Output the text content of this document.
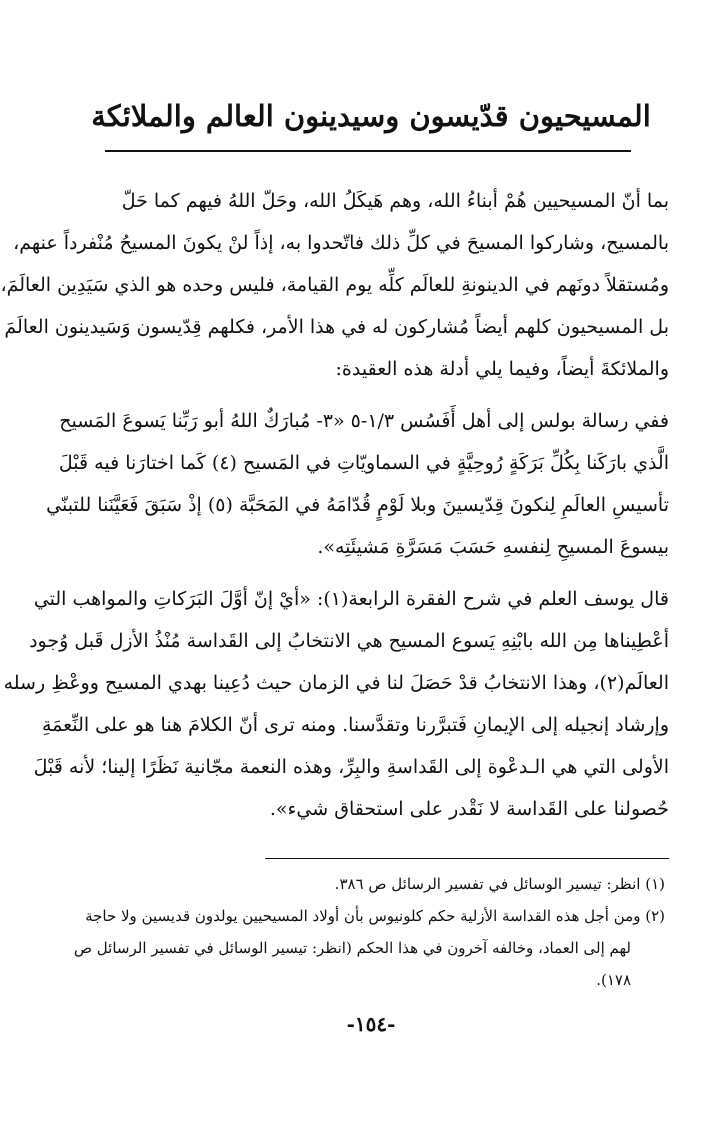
المسيحيون قدّيسون وسيدينون العالم والملائكة
بما أنّ المسيحيين هُمْ أبناءُ الله، وهم هَيكَلُ الله، وحَلّ اللهُ فيهم كما حَلّ
بالمسيح، وشاركوا المسيحَ في كلِّ ذلك فاتّحدوا به، إذاً لنْ يكونَ المسيحُ مُنْفرداً عنهم،
ومُستقلاً دونَهم في الدينونةِ للعالَم كلِّه يوم القيامة، فليس وحده هو الذي سَيَدِين العالَمَ،
بل المسيحيون كلهم أيضاً مُشاركون له في هذا الأمر، فكلهم قِدّيسون وَسَيدينون العالَمَ
والملائكةَ أيضاً، وفيما يلي أدلة هذه العقيدة:
ففي رسالة بولس إلى أهل أَفَسُس ١/٣-٥ «٣- مُبارَكٌ اللهُ أبو رَبِّنا يَسوعَ المَسيح
الَّذي بارَكَنا بِكُلِّ بَرَكَةٍ رُوحِيَّةٍ في السماويّاتِ في المَسيح (٤) كَما اختارَنا فيه قَبْلَ
تأسيسِ العالَمِ لِنكونَ قِدّيسينَ وبلا لَوْمٍ قُدّامَهُ في المَحَبَّة (٥) إذْ سَبَقَ فَعَيَّنَنا للتبنّي
بيسوعَ المسيحِ لِنفسهِ حَسَبَ مَسَرَّةِ مَشيئَتِه».
قال يوسف العلم في شرح الفقرة الرابعة(١): «أيْ إنّ أوَّلَ البَرَكاتِ والمواهب التي
أعْطِيناها مِن الله بابْنِهِ يَسوع المسيح هي الانتخابُ إلى القَداسة مُنْذُ الأزل قَبل وُجود
العالَم(٢)، وهذا الانتخابُ قدْ حَصَلَ لنا في الزمان حيث دُعِينا بهدي المسيح ووعْظِ رسله
وإرشاد إنجيله إلى الإيمانِ فَتبرَّرنا وتقدَّسنا. ومنه ترى أنّ الكلامَ هنا هو على النِّعمَةِ
الأولى التي هي الـدعْوة إلى القَداسةِ والبِرِّ، وهذه النعمة مجّانية نَظَرًا إلينا؛ لأنه قَبْلَ
حُصولنا على القَداسة لا نَقْدر على استحقاق شيء».
(١) انظر: تيسير الوسائل في تفسير الرسائل ص ٣٨٦.
(٢) ومن أجل هذه القداسة الأزلية حكم كلونيوس بأن أولاد المسيحيين يولدون قديسين ولا حاجة
لهم إلى العماد، وخالفه آخرون في هذا الحكم (انظر: تيسير الوسائل في تفسير الرسائل ص
١٧٨).
-١٥٤-
